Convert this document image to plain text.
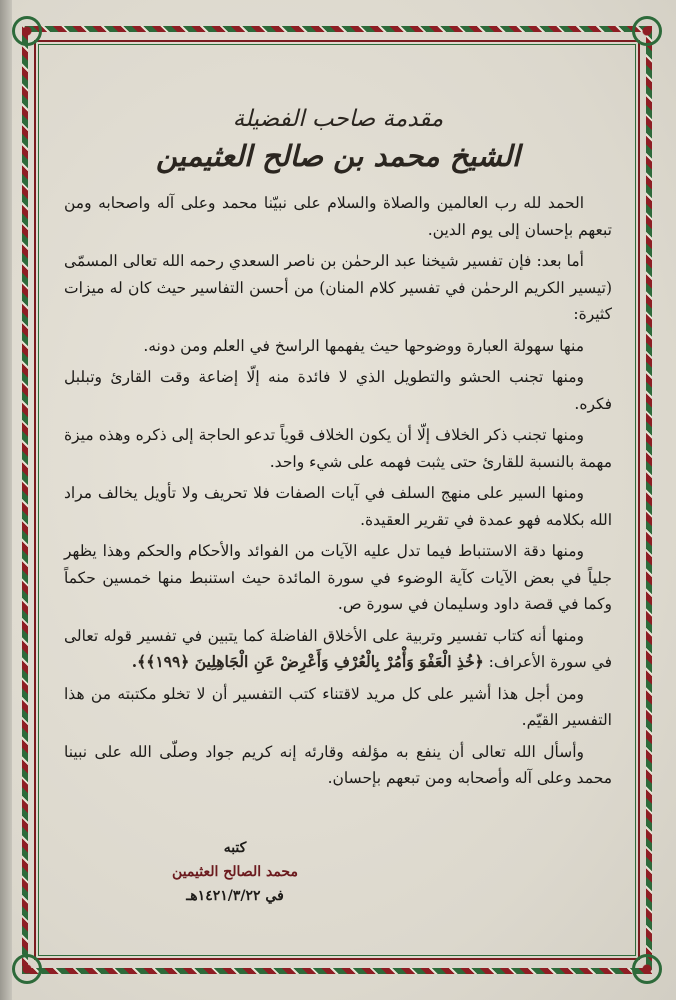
مقدمة صاحب الفضيلة
الشيخ محمد بن صالح العثيمين

الحمد لله رب العالمين والصلاة والسلام على نبيّنا محمد وعلى آله واصحابه ومن تبعهم بإحسان إلى يوم الدين.

أما بعد: فإن تفسير شيخنا عبد الرحمٰن بن ناصر السعدي رحمه الله تعالى المسمّى (تيسير الكريم الرحمٰن في تفسير كلام المنان) من أحسن التفاسير حيث كان له ميزات كثيرة:

منها سهولة العبارة ووضوحها حيث يفهمها الراسخ في العلم ومن دونه.

ومنها تجنب الحشو والتطويل الذي لا فائدة منه إلّا إضاعة وقت القارئ وتبلبل فكره.

ومنها تجنب ذكر الخلاف إلّا أن يكون الخلاف قوياً تدعو الحاجة إلى ذكره وهذه ميزة مهمة بالنسبة للقارئ حتى يثبت فهمه على شيء واحد.

ومنها السير على منهج السلف في آيات الصفات فلا تحريف ولا تأويل يخالف مراد الله بكلامه فهو عمدة في تقرير العقيدة.

ومنها دقة الاستنباط فيما تدل عليه الآيات من الفوائد والأحكام والحكم وهذا يظهر جلياً في بعض الآيات كآية الوضوء في سورة المائدة حيث استنبط منها خمسين حكماً وكما في قصة داود وسليمان في سورة ص.

ومنها أنه كتاب تفسير وتربية على الأخلاق الفاضلة كما يتبين في تفسير قوله تعالى في سورة الأعراف: ﴿خُذِ الْعَفْوَ وَأْمُرْ بِالْعُرْفِ وَأَعْرِضْ عَنِ الْجَاهِلِينَ ﴿١٩٩﴾﴾.

ومن أجل هذا أشير على كل مريد لاقتناء كتب التفسير أن لا تخلو مكتبته من هذا التفسير القيّم.

وأسأل الله تعالى أن ينفع به مؤلفه وقارئه إنه كريم جواد وصلّى الله على نبينا محمد وعلى آله وأصحابه ومن تبعهم بإحسان.

كتبه
محمد الصالح العثيمين
في ١٤٢١/٣/٢٢هـ
